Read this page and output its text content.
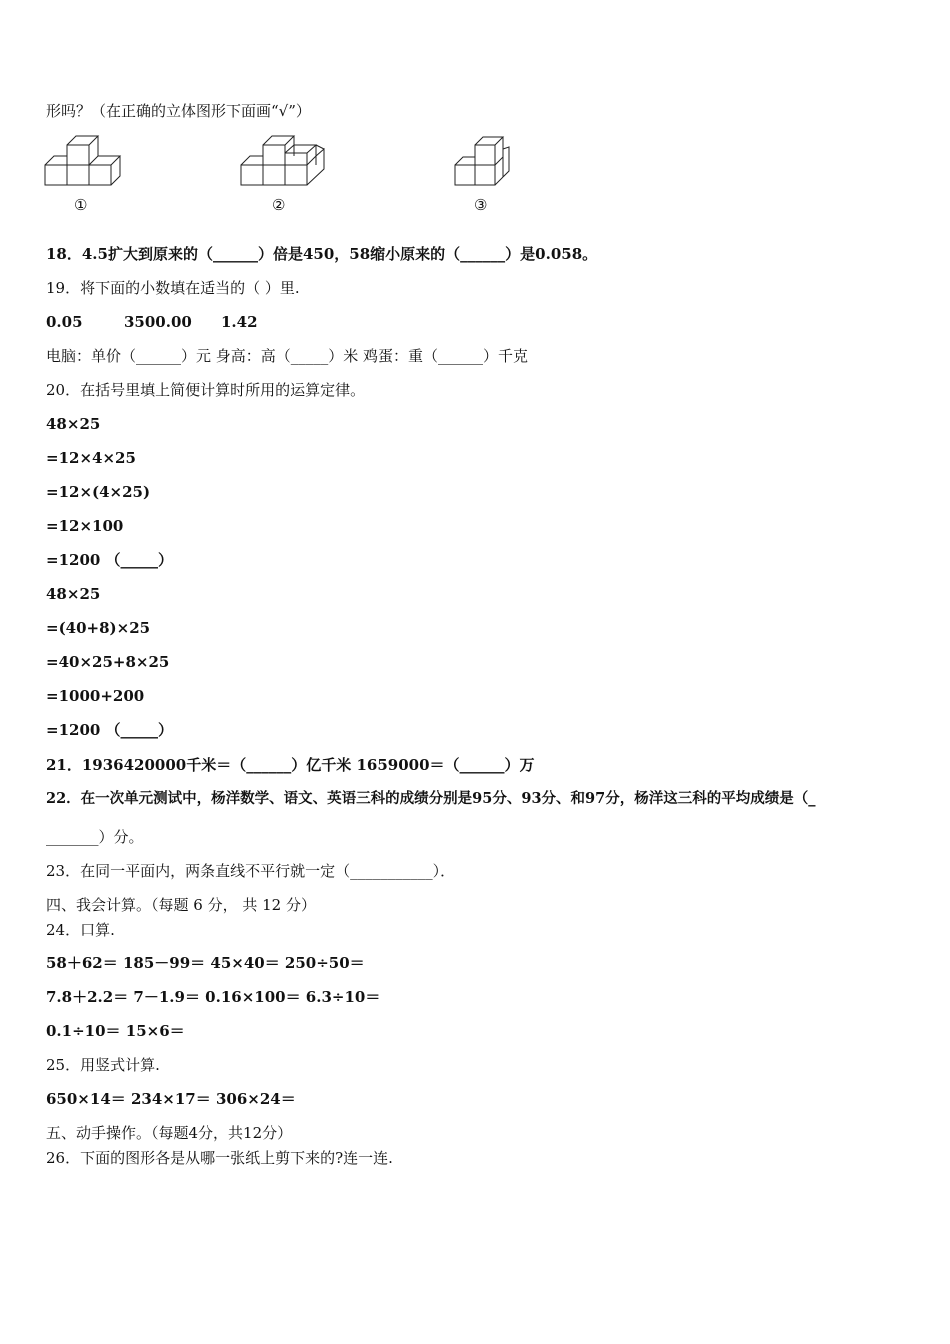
形吗？（在正确的立体图形下面画“√”）
①	②	③
18．4.5扩大到原来的（______）倍是450，58缩小原来的（______）是0.058。
19．将下面的小数填在适当的（ ）里.
0.05	3500.00 1.42
电脑：单价（______）元 身高：高（_____）米 鸡蛋：重（______）千克
20．在括号里填上简便计算时所用的运算定律。
48×25
=12×4×25
=12×(4×25)
=12×100
=1200 （_____）
48×25
=(40+8)×25
=40×25+8×25
=1000+200
=1200 （_____）
21．1936420000千米＝（______）亿千米 1659000＝（______）万
22．在一次单元测试中，杨洋数学、语文、英语三科的成绩分别是95分、93分、和97分，杨洋这三科的平均成绩是（_
_______）分。
23．在同一平面内，两条直线不平行就一定（___________）．
四、我会计算。（每题 6 分， 共 12 分）
24．口算.
58＋62＝ 185－99＝ 45×40＝ 250÷50＝
7.8＋2.2＝ 7－1.9＝ 0.16×100＝ 6.3÷10＝
0.1÷10＝ 15×6＝
25．用竖式计算.
650×14＝ 234×17＝ 306×24＝
五、动手操作。（每题4分，共12分）
26．下面的图形各是从哪一张纸上剪下来的?连一连.
